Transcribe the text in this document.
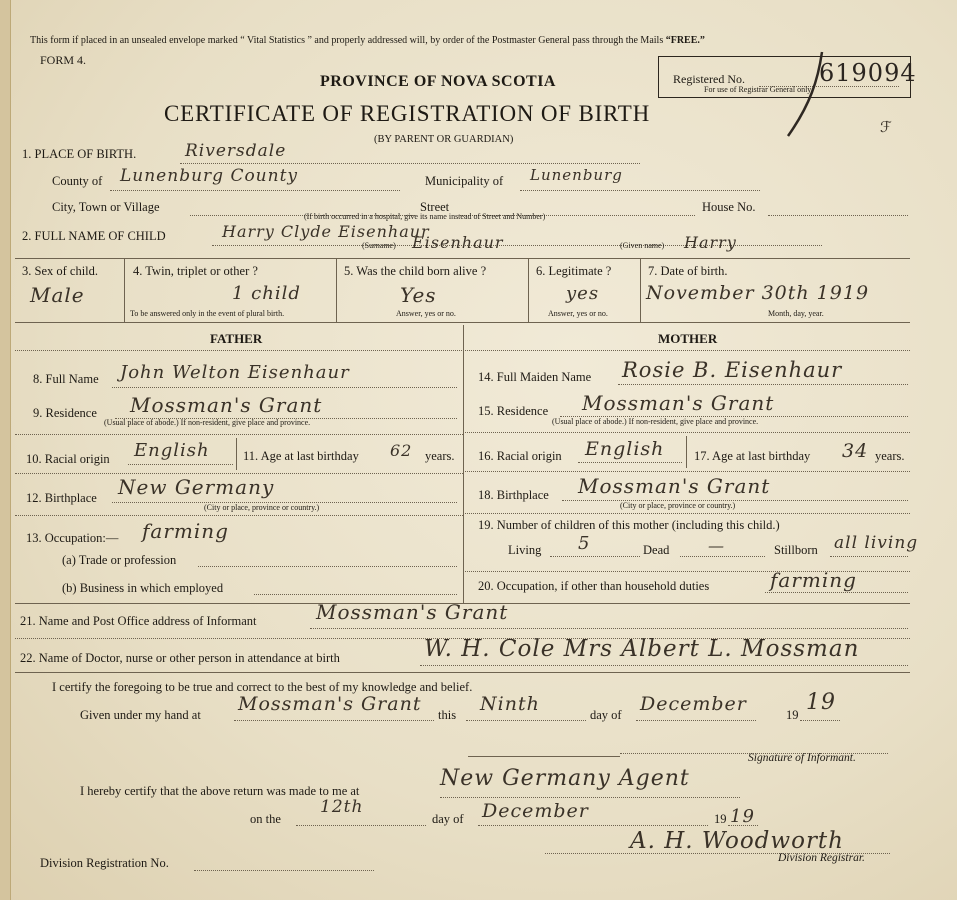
This form if placed in an unsealed envelope marked “ Vital Statistics ” and properly addressed will, by order of the Postmaster General pass through the Mails “FREE.”
FORM 4.
PROVINCE OF NOVA SCOTIA
CERTIFICATE OF REGISTRATION OF BIRTH
(BY PARENT OR GUARDIAN)
Registered No.
For use of Registrar General only.
619094
ℱ
1. PLACE OF BIRTH.	Riversdale
County of Lunenburg County	Municipality of Lunenburg
City, Town or Village	Street	House No.
(If birth occurred in a hospital, give its name instead of Street and Number)
2. FULL NAME OF CHILD	Harry Clyde Eisenhaur
(Surname) Eisenhaur	(Given name) Harry
3. Sex of child.
Male
4. Twin, triplet or other ?
1 child
To be answered only in the event of plural birth.
5. Was the child born alive ?
Yes
Answer, yes or no.
6. Legitimate ?
yes
Answer, yes or no.
7. Date of birth.
November 30th 1919
Month, day, year.
FATHER	MOTHER
8. Full Name John Welton Eisenhaur
9. Residence Mossman's Grant
(Usual place of abode.) If non-resident, give place and province.
10. Racial origin English	11. Age at last birthday 62 years.
12. Birthplace New Germany
(City or place, province or country.)
13. Occupation:— farming
(a) Trade or profession
(b) Business in which employed
14. Full Maiden Name Rosie B. Eisenhaur
15. Residence Mossman's Grant
(Usual place of abode.) If non-resident, give place and province.
16. Racial origin English 17. Age at last birthday 34 years.
18. Birthplace Mossman's Grant
(City or place, province or country.)
19. Number of children of this mother (including this child.)
Living 5	Dead —	Stillborn all living
20. Occupation, if other than household duties	farming
21. Name and Post Office address of Informant	Mossman's Grant
22. Name of Doctor, nurse or other person in attendance at birth	W. H. Cole Mrs Albert L. Mossman
I certify the foregoing to be true and correct to the best of my knowledge and belief.
Given under my hand at Mossman's Grant this Ninth	day of December	19 19
Signature of Informant.
I hereby certify that the above return was made to me at	New Germany Agent
on the
12th
day of December	19 19
A. H. Woodworth
Division Registrar.
Division Registration No.
